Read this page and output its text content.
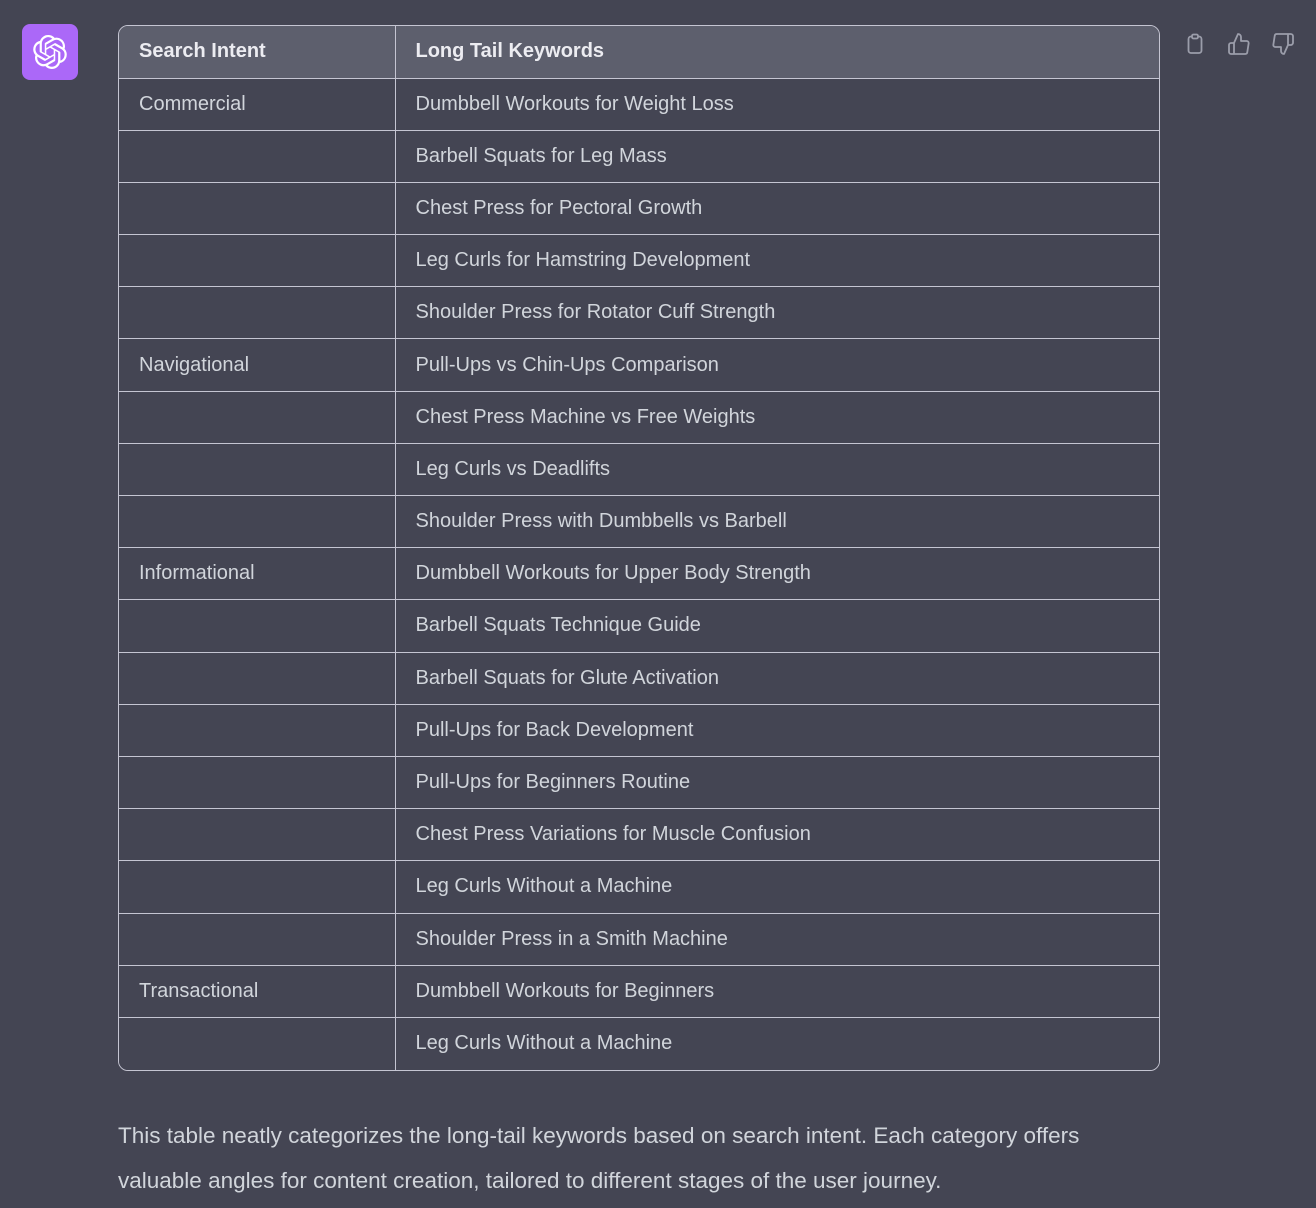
Search Intent	Long Tail Keywords
Commercial	Dumbbell Workouts for Weight Loss
	Barbell Squats for Leg Mass
	Chest Press for Pectoral Growth
	Leg Curls for Hamstring Development
	Shoulder Press for Rotator Cuff Strength
Navigational	Pull-Ups vs Chin-Ups Comparison
	Chest Press Machine vs Free Weights
	Leg Curls vs Deadlifts
	Shoulder Press with Dumbbells vs Barbell
Informational	Dumbbell Workouts for Upper Body Strength
	Barbell Squats Technique Guide
	Barbell Squats for Glute Activation
	Pull-Ups for Back Development
	Pull-Ups for Beginners Routine
	Chest Press Variations for Muscle Confusion
	Leg Curls Without a Machine
	Shoulder Press in a Smith Machine
Transactional	Dumbbell Workouts for Beginners
	Leg Curls Without a Machine

This table neatly categorizes the long-tail keywords based on search intent. Each category offers valuable angles for content creation, tailored to different stages of the user journey.
